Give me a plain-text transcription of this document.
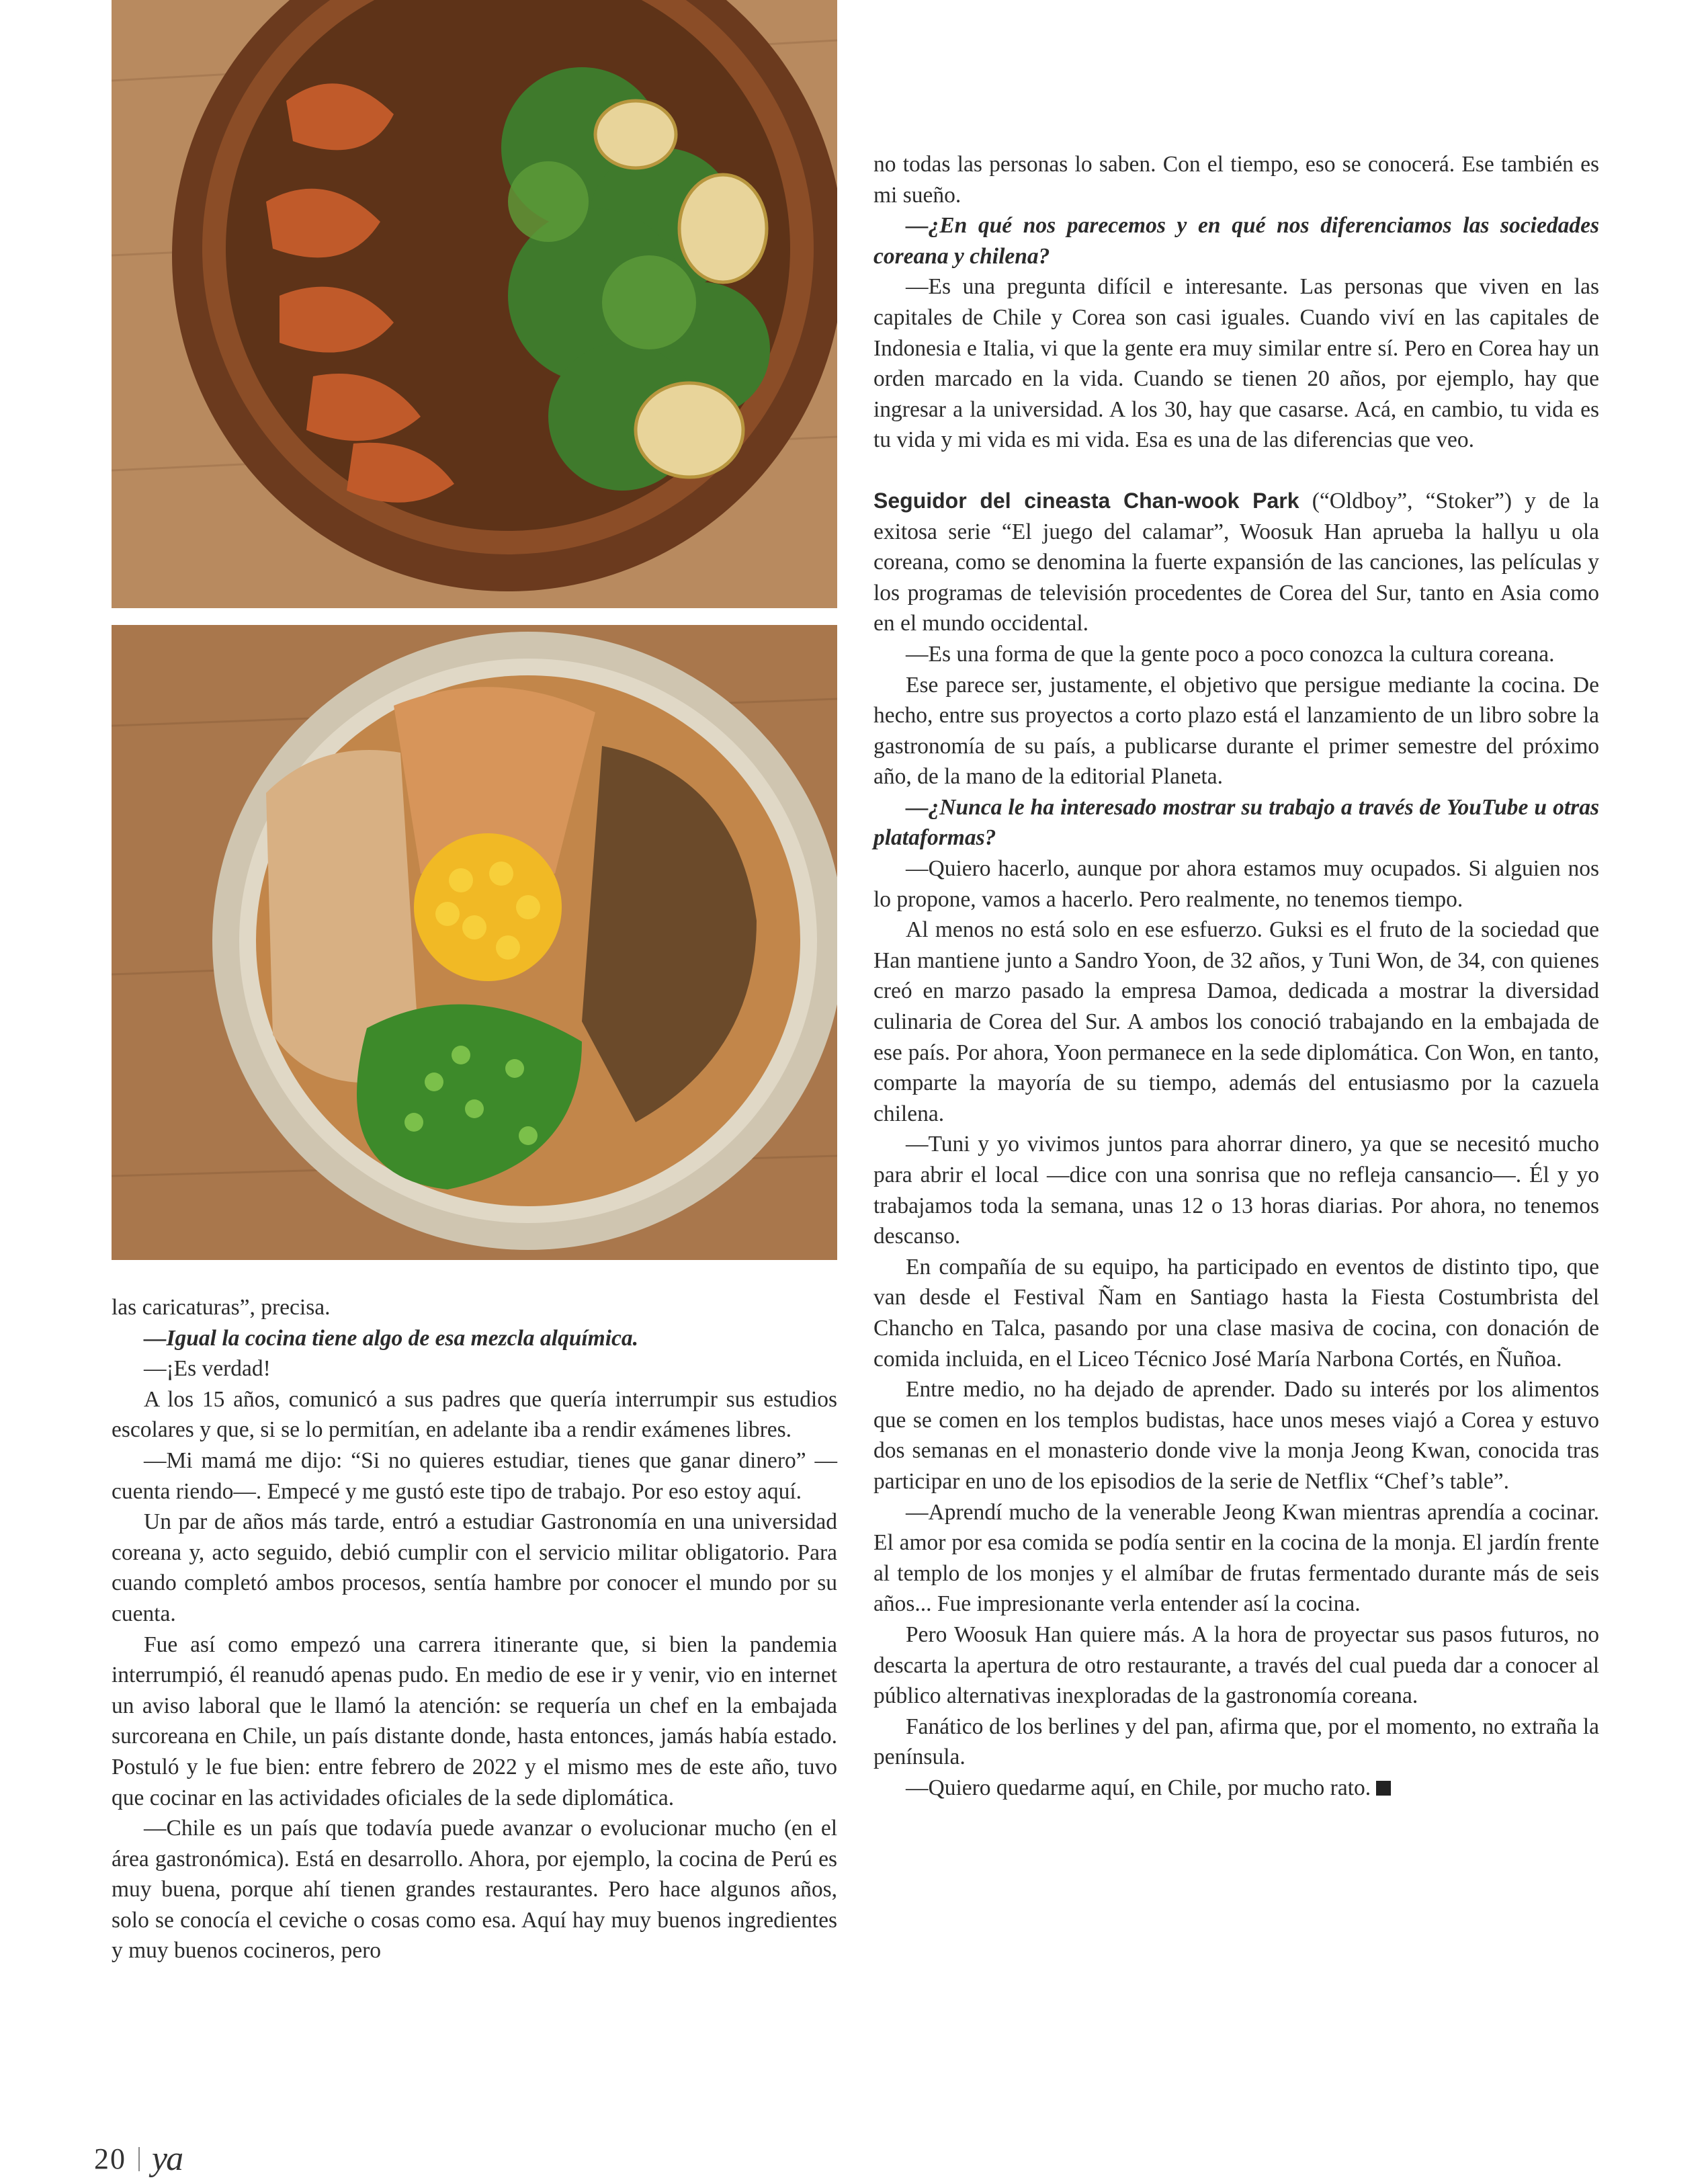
las caricaturas”, precisa.

—Igual la cocina tiene algo de esa mezcla alquímica.

—¡Es verdad!

A los 15 años, comunicó a sus padres que quería interrumpir sus estudios escolares y que, si se lo permitían, en adelante iba a rendir exámenes libres.

—Mi mamá me dijo: “Si no quieres estudiar, tienes que ganar dinero” —cuenta riendo—. Empecé y me gustó este tipo de trabajo. Por eso estoy aquí.

Un par de años más tarde, entró a estudiar Gastronomía en una universidad coreana y, acto seguido, debió cumplir con el servicio militar obligatorio. Para cuando completó ambos procesos, sentía hambre por conocer el mundo por su cuenta.

Fue así como empezó una carrera itinerante que, si bien la pandemia interrumpió, él reanudó apenas pudo. En medio de ese ir y venir, vio en internet un aviso laboral que le llamó la atención: se requería un chef en la embajada surcoreana en Chile, un país distante donde, hasta entonces, jamás había estado. Postuló y le fue bien: entre febrero de 2022 y el mismo mes de este año, tuvo que cocinar en las actividades oficiales de la sede diplomática.

—Chile es un país que todavía puede avanzar o evolucionar mucho (en el área gastronómica). Está en desarrollo. Ahora, por ejemplo, la cocina de Perú es muy buena, porque ahí tienen grandes restaurantes. Pero hace algunos años, solo se conocía el ceviche o cosas como esa. Aquí hay muy buenos ingredientes y muy buenos cocineros, pero

no todas las personas lo saben. Con el tiempo, eso se conocerá. Ese también es mi sueño.

—¿En qué nos parecemos y en qué nos diferenciamos las sociedades coreana y chilena?

—Es una pregunta difícil e interesante. Las personas que viven en las capitales de Chile y Corea son casi iguales. Cuando viví en las capitales de Indonesia e Italia, vi que la gente era muy similar entre sí. Pero en Corea hay un orden marcado en la vida. Cuando se tienen 20 años, por ejemplo, hay que ingresar a la universidad. A los 30, hay que casarse. Acá, en cambio, tu vida es tu vida y mi vida es mi vida. Esa es una de las diferencias que veo.

Seguidor del cineasta Chan-wook Park (“Oldboy”, “Stoker”) y de la exitosa serie “El juego del calamar”, Woosuk Han aprueba la hallyu u ola coreana, como se denomina la fuerte expansión de las canciones, las películas y los programas de televisión procedentes de Corea del Sur, tanto en Asia como en el mundo occidental.

—Es una forma de que la gente poco a poco conozca la cultura coreana.

Ese parece ser, justamente, el objetivo que persigue mediante la cocina. De hecho, entre sus proyectos a corto plazo está el lanzamiento de un libro sobre la gastronomía de su país, a publicarse durante el primer semestre del próximo año, de la mano de la editorial Planeta.

—¿Nunca le ha interesado mostrar su trabajo a través de YouTube u otras plataformas?

—Quiero hacerlo, aunque por ahora estamos muy ocupados. Si alguien nos lo propone, vamos a hacerlo. Pero realmente, no tenemos tiempo.

Al menos no está solo en ese esfuerzo. Guksi es el fruto de la sociedad que Han mantiene junto a Sandro Yoon, de 32 años, y Tuni Won, de 34, con quienes creó en marzo pasado la empresa Damoa, dedicada a mostrar la diversidad culinaria de Corea del Sur. A ambos los conoció trabajando en la embajada de ese país. Por ahora, Yoon permanece en la sede diplomática. Con Won, en tanto, comparte la mayoría de su tiempo, además del entusiasmo por la cazuela chilena.

—Tuni y yo vivimos juntos para ahorrar dinero, ya que se necesitó mucho para abrir el local —dice con una sonrisa que no refleja cansancio—. Él y yo trabajamos toda la semana, unas 12 o 13 horas diarias. Por ahora, no tenemos descanso.

En compañía de su equipo, ha participado en eventos de distinto tipo, que van desde el Festival Ñam en Santiago hasta la Fiesta Costumbrista del Chancho en Talca, pasando por una clase masiva de cocina, con donación de comida incluida, en el Liceo Técnico José María Narbona Cortés, en Ñuñoa.

Entre medio, no ha dejado de aprender. Dado su interés por los alimentos que se comen en los templos budistas, hace unos meses viajó a Corea y estuvo dos semanas en el monasterio donde vive la monja Jeong Kwan, conocida tras participar en uno de los episodios de la serie de Netflix “Chef’s table”.

—Aprendí mucho de la venerable Jeong Kwan mientras aprendía a cocinar. El amor por esa comida se podía sentir en la cocina de la monja. El jardín frente al templo de los monjes y el almíbar de frutas fermentado durante más de seis años... Fue impresionante verla entender así la cocina.

Pero Woosuk Han quiere más. A la hora de proyectar sus pasos futuros, no descarta la apertura de otro restaurante, a través del cual pueda dar a conocer al público alternativas inexploradas de la gastronomía coreana.

Fanático de los berlines y del pan, afirma que, por el momento, no extraña la península.

—Quiero quedarme aquí, en Chile, por mucho rato.

20 ya
